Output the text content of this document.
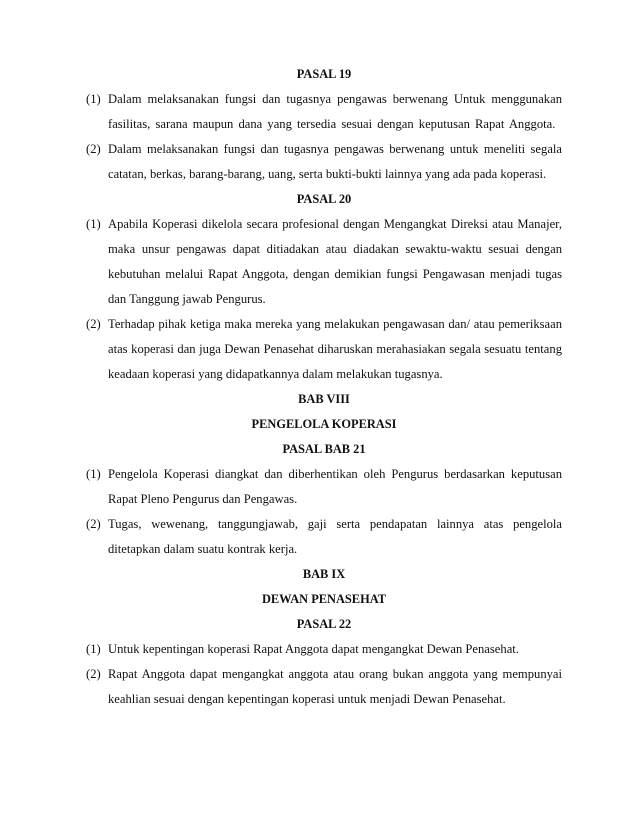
PASAL 19
(1) Dalam melaksanakan fungsi dan tugasnya pengawas berwenang Untuk menggunakan fasilitas, sarana maupun dana yang tersedia sesuai dengan keputusan Rapat Anggota.
(2) Dalam melaksanakan fungsi dan tugasnya pengawas berwenang untuk meneliti segala catatan, berkas, barang-barang, uang, serta bukti-bukti lainnya yang ada pada koperasi.
PASAL 20
(1) Apabila Koperasi dikelola secara profesional dengan Mengangkat Direksi atau Manajer, maka unsur pengawas dapat ditiadakan atau diadakan sewaktu-waktu sesuai dengan kebutuhan melalui Rapat Anggota, dengan demikian fungsi Pengawasan menjadi tugas dan Tanggung jawab Pengurus.
(2) Terhadap pihak ketiga maka mereka yang melakukan pengawasan dan/ atau pemeriksaan atas koperasi dan juga Dewan Penasehat diharuskan merahasiakan segala sesuatu tentang keadaan koperasi yang didapatkannya dalam melakukan tugasnya.
BAB VIII
PENGELOLA KOPERASI
PASAL BAB 21
(1) Pengelola Koperasi diangkat dan diberhentikan oleh Pengurus berdasarkan keputusan Rapat Pleno Pengurus dan Pengawas.
(2) Tugas, wewenang, tanggungjawab, gaji serta pendapatan lainnya atas pengelola ditetapkan dalam suatu kontrak kerja.
BAB IX
DEWAN PENASEHAT
PASAL 22
(1) Untuk kepentingan koperasi Rapat Anggota dapat mengangkat Dewan Penasehat.
(2) Rapat Anggota dapat mengangkat anggota atau orang bukan anggota yang mempunyai keahlian sesuai dengan kepentingan koperasi untuk menjadi Dewan Penasehat.
